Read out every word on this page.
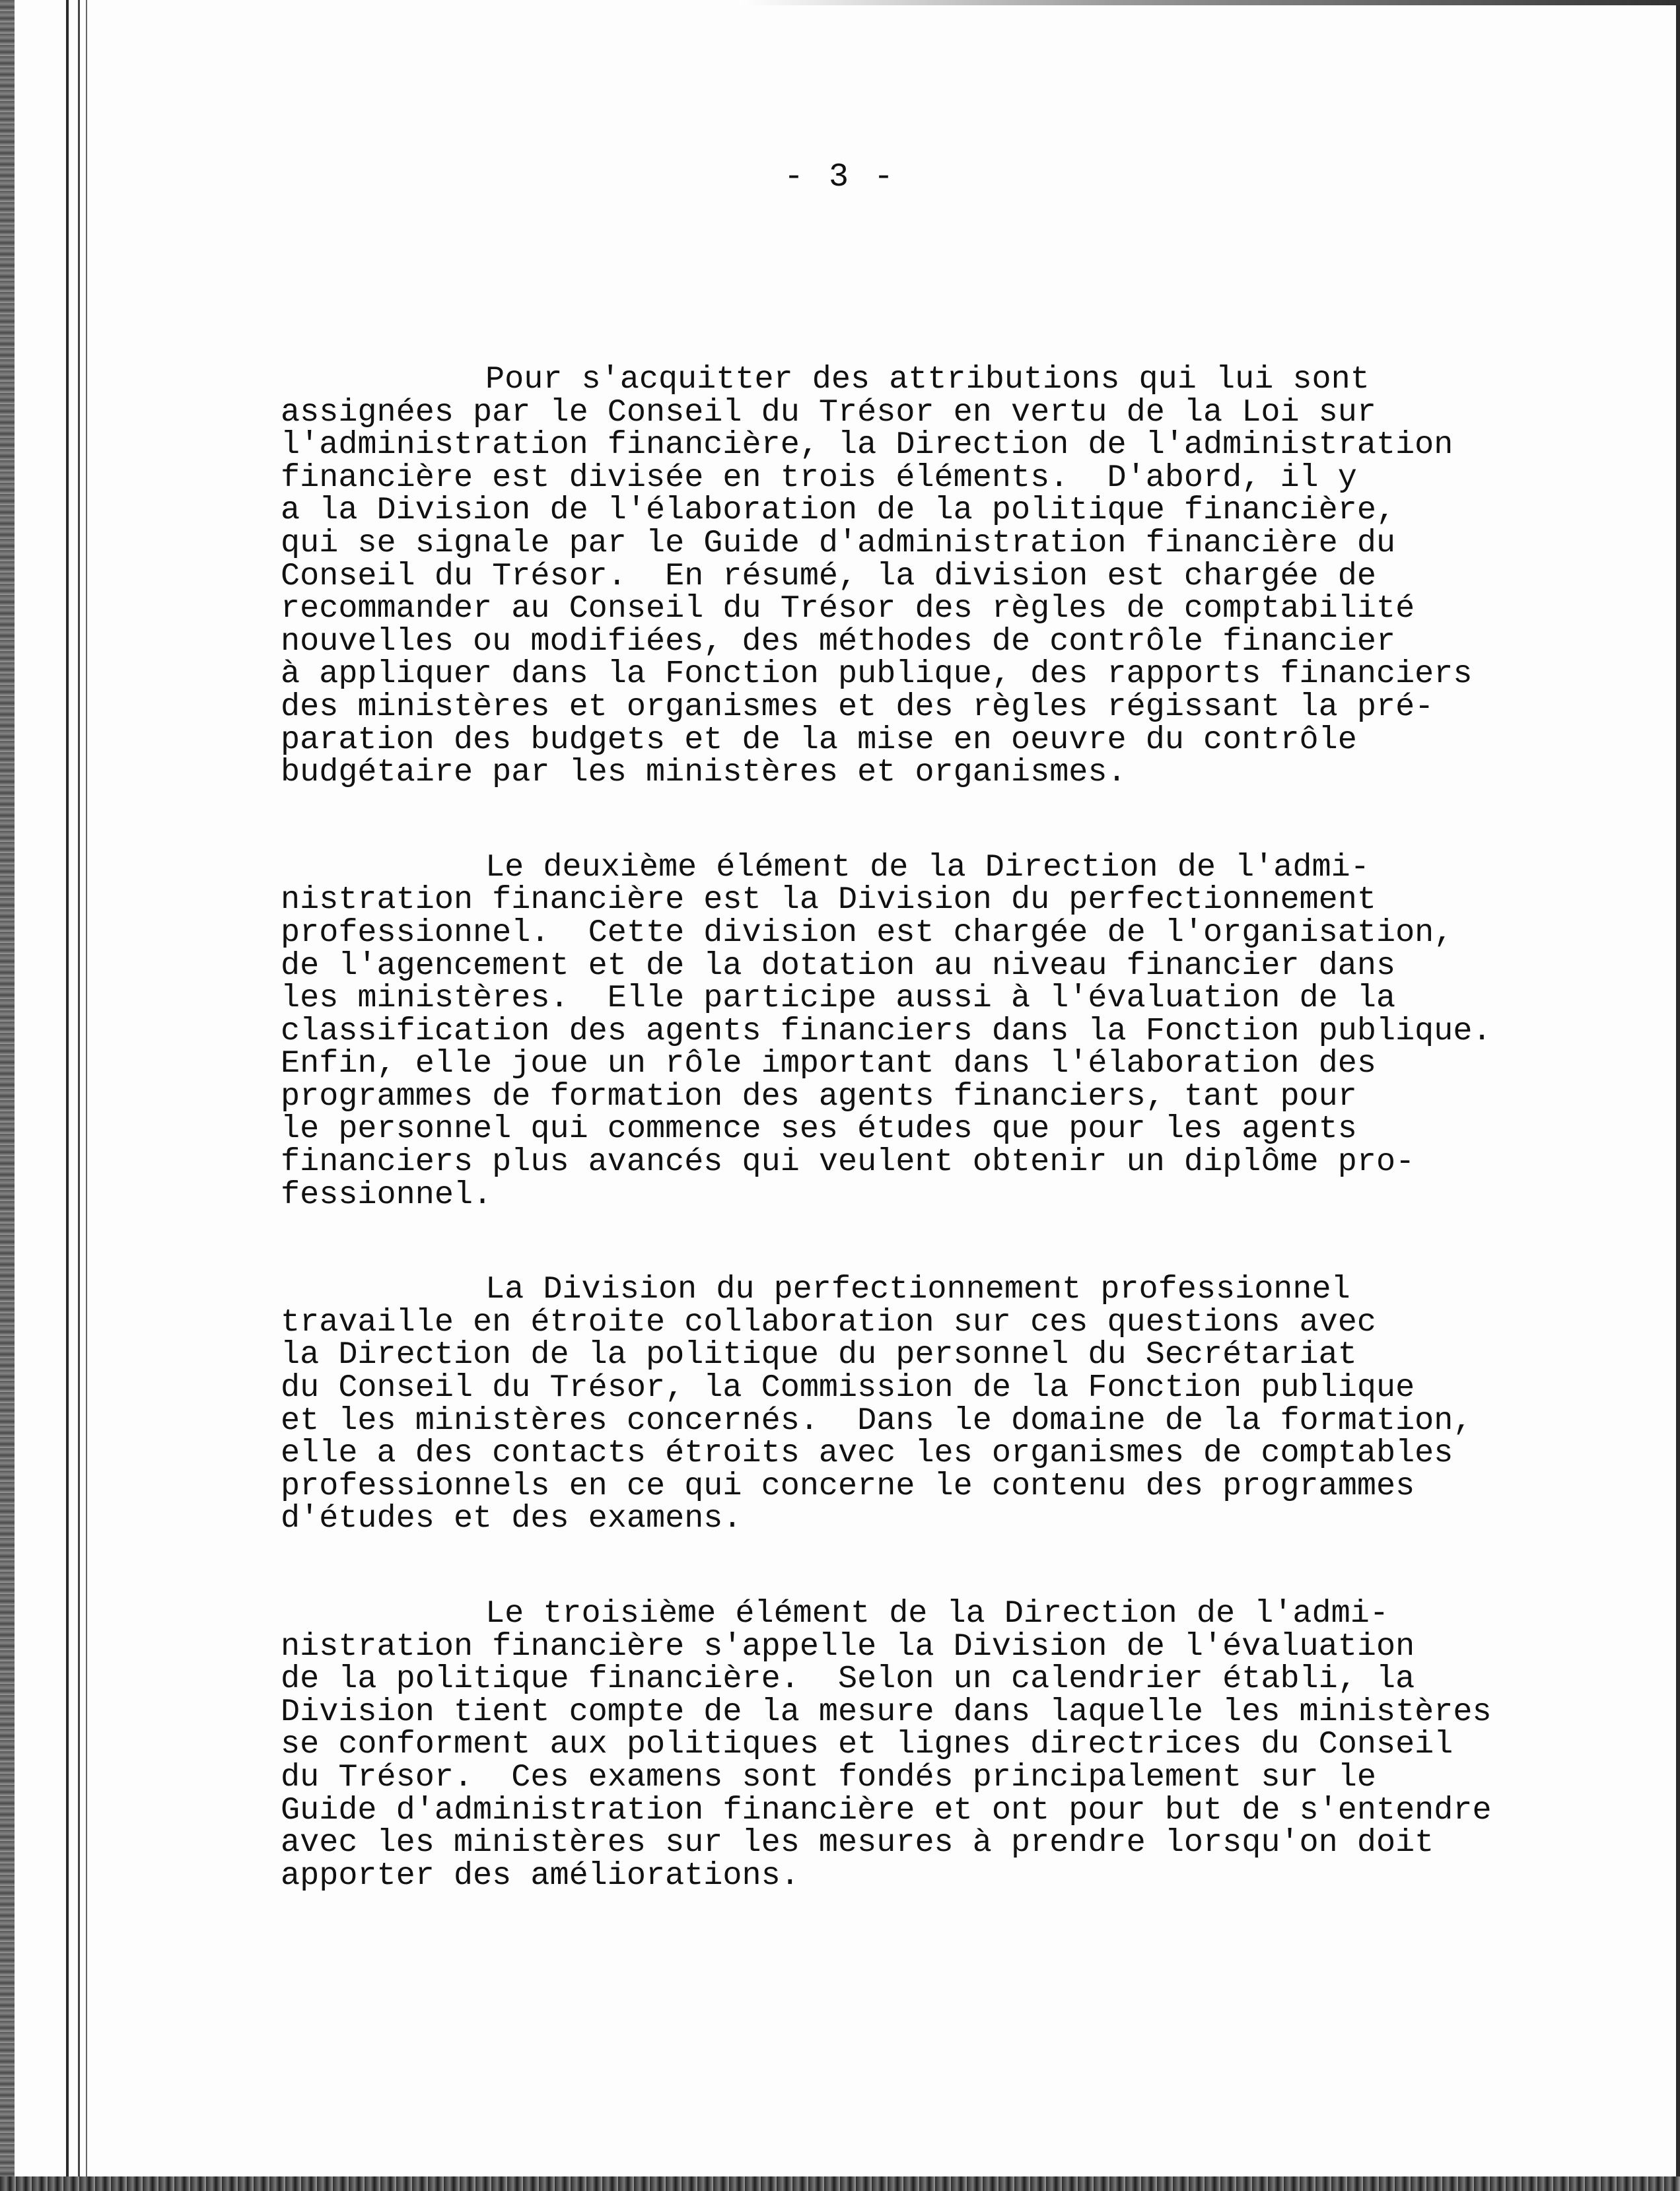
- 3 -
Pour s'acquitter des attributions qui lui sont
assignées par le Conseil du Trésor en vertu de la Loi sur
l'administration financière, la Direction de l'administration
financière est divisée en trois éléments.  D'abord, il y
a la Division de l'élaboration de la politique financière,
qui se signale par le Guide d'administration financière du
Conseil du Trésor.  En résumé, la division est chargée de
recommander au Conseil du Trésor des règles de comptabilité
nouvelles ou modifiées, des méthodes de contrôle financier
à appliquer dans la Fonction publique, des rapports financiers
des ministères et organismes et des règles régissant la pré-
paration des budgets et de la mise en oeuvre du contrôle
budgétaire par les ministères et organismes.
Le deuxième élément de la Direction de l'admi-
nistration financière est la Division du perfectionnement
professionnel.  Cette division est chargée de l'organisation,
de l'agencement et de la dotation au niveau financier dans
les ministères.  Elle participe aussi à l'évaluation de la
classification des agents financiers dans la Fonction publique.
Enfin, elle joue un rôle important dans l'élaboration des
programmes de formation des agents financiers, tant pour
le personnel qui commence ses études que pour les agents
financiers plus avancés qui veulent obtenir un diplôme pro-
fessionnel.
La Division du perfectionnement professionnel
travaille en étroite collaboration sur ces questions avec
la Direction de la politique du personnel du Secrétariat
du Conseil du Trésor, la Commission de la Fonction publique
et les ministères concernés.  Dans le domaine de la formation,
elle a des contacts étroits avec les organismes de comptables
professionnels en ce qui concerne le contenu des programmes
d'études et des examens.
Le troisième élément de la Direction de l'admi-
nistration financière s'appelle la Division de l'évaluation
de la politique financière.  Selon un calendrier établi, la
Division tient compte de la mesure dans laquelle les ministères
se conforment aux politiques et lignes directrices du Conseil
du Trésor.  Ces examens sont fondés principalement sur le
Guide d'administration financière et ont pour but de s'entendre
avec les ministères sur les mesures à prendre lorsqu'on doit
apporter des améliorations.
